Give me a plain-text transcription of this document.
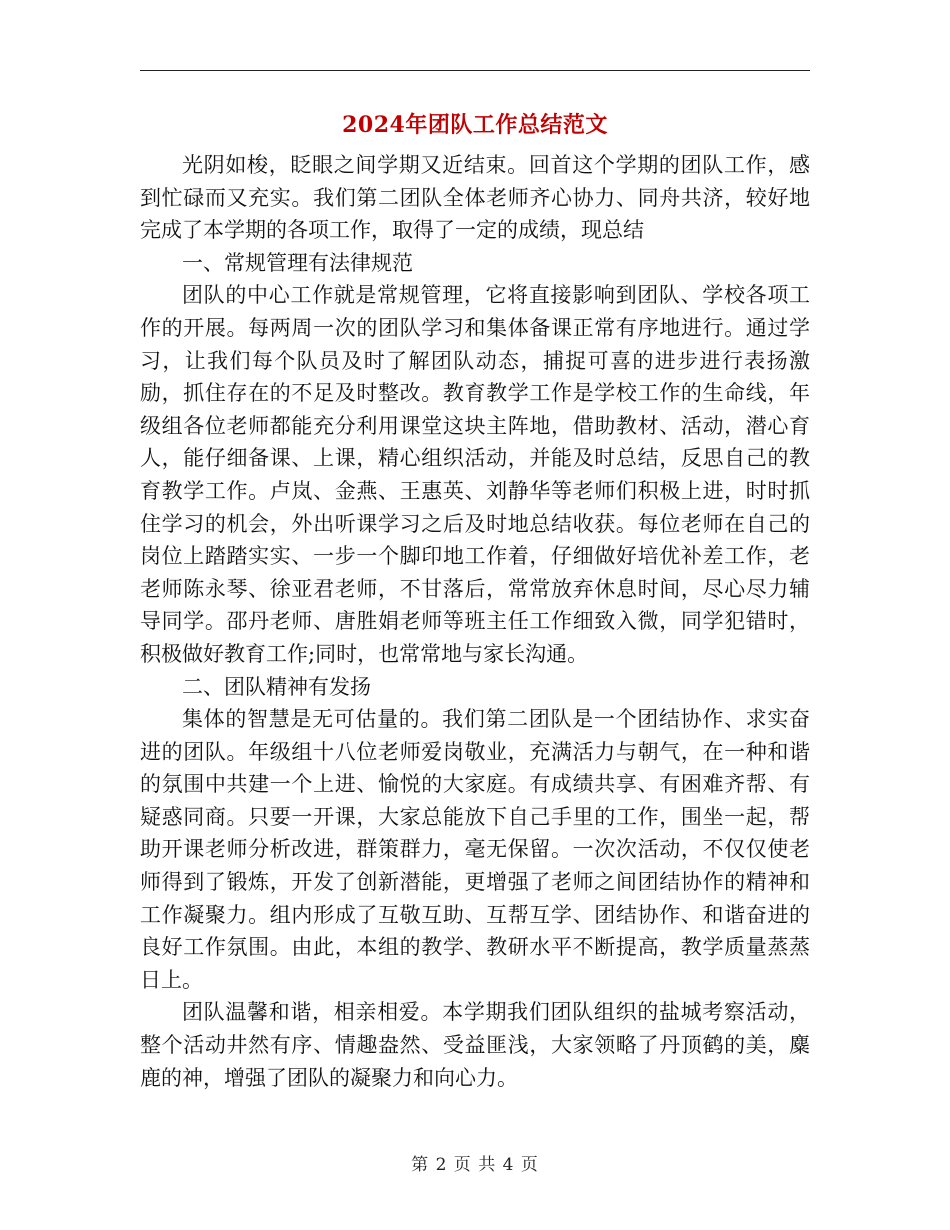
2024年团队工作总结范文

光阴如梭，眨眼之间学期又近结束。回首这个学期的团队工作，感到忙碌而又充实。我们第二团队全体老师齐心协力、同舟共济，较好地完成了本学期的各项工作，取得了一定的成绩，现总结

一、常规管理有法律规范

团队的中心工作就是常规管理，它将直接影响到团队、学校各项工作的开展。每两周一次的团队学习和集体备课正常有序地进行。通过学习，让我们每个队员及时了解团队动态，捕捉可喜的进步进行表扬激励，抓住存在的不足及时整改。教育教学工作是学校工作的生命线，年级组各位老师都能充分利用课堂这块主阵地，借助教材、活动，潜心育人，能仔细备课、上课，精心组织活动，并能及时总结，反思自己的教育教学工作。卢岚、金燕、王惠英、刘静华等老师们积极上进，时时抓住学习的机会，外出听课学习之后及时地总结收获。每位老师在自己的岗位上踏踏实实、一步一个脚印地工作着，仔细做好培优补差工作，老老师陈永琴、徐亚君老师，不甘落后，常常放弃休息时间，尽心尽力辅导同学。邵丹老师、唐胜娟老师等班主任工作细致入微，同学犯错时，积极做好教育工作;同时，也常常地与家长沟通。

二、团队精神有发扬

集体的智慧是无可估量的。我们第二团队是一个团结协作、求实奋进的团队。年级组十八位老师爱岗敬业，充满活力与朝气，在一种和谐的氛围中共建一个上进、愉悦的大家庭。有成绩共享、有困难齐帮、有疑惑同商。只要一开课，大家总能放下自己手里的工作，围坐一起，帮助开课老师分析改进，群策群力，毫无保留。一次次活动，不仅仅使老师得到了锻炼，开发了创新潜能，更增强了老师之间团结协作的精神和工作凝聚力。组内形成了互敬互助、互帮互学、团结协作、和谐奋进的良好工作氛围。由此，本组的教学、教研水平不断提高，教学质量蒸蒸日上。

团队温馨和谐，相亲相爱。本学期我们团队组织的盐城考察活动，整个活动井然有序、情趣盎然、受益匪浅，大家领略了丹顶鹤的美，麋鹿的神，增强了团队的凝聚力和向心力。

第 2 页 共 4 页
